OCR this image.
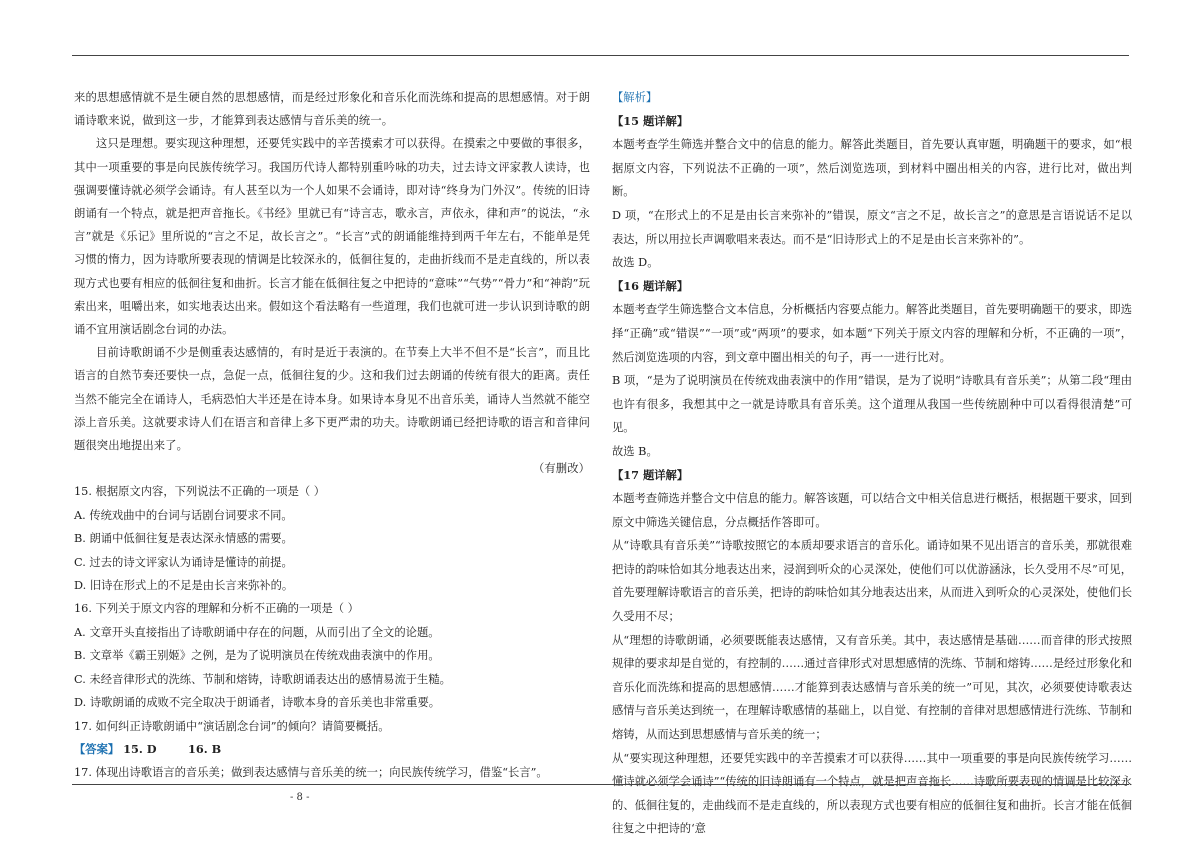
来的思想感情就不是生硬自然的思想感情，而是经过形象化和音乐化而洗练和提高的思想感情。对于朗诵诗歌来说，做到这一步，才能算到表达感情与音乐美的统一。

这只是理想。要实现这种理想，还要凭实践中的辛苦摸索才可以获得。在摸索之中要做的事很多，其中一项重要的事是向民族传统学习。我国历代诗人都特别重吟咏的功夫，过去诗文评家教人读诗，也强调要懂诗就必须学会诵诗。有人甚至以为一个人如果不会诵诗，即对诗“终身为门外汉”。传统的旧诗朗诵有一个特点，就是把声音拖长。《书经》里就已有“诗言志，歌永言，声依永，律和声”的说法，“永言”就是《乐记》里所说的“言之不足，故长言之”。“长言”式的朗诵能维持到两千年左右，不能单是凭习惯的惰力，因为诗歌所要表现的情调是比较深永的，低徊往复的，走曲折线而不是走直线的，所以表现方式也要有相应的低徊往复和曲折。长言才能在低徊往复之中把诗的“意味”“气势”“骨力”和“神韵”玩索出来，咀嚼出来，如实地表达出来。假如这个看法略有一些道理，我们也就可进一步认识到诗歌的朗诵不宜用演话剧念台词的办法。

目前诗歌朗诵不少是侧重表达感情的，有时是近于表演的。在节奏上大半不但不是“长言”，而且比语言的自然节奏还要快一点，急促一点，低徊往复的少。这和我们过去朗诵的传统有很大的距离。责任当然不能完全在诵诗人，毛病恐怕大半还是在诗本身。如果诗本身见不出音乐美，诵诗人当然就不能空添上音乐美。这就要求诗人们在语言和音律上多下更严肃的功夫。诗歌朗诵已经把诗歌的语言和音律问题很突出地提出来了。

（有删改）

15. 根据原文内容，下列说法不正确的一项是（ ）

A. 传统戏曲中的台词与话剧台词要求不同。

B. 朗诵中低徊往复是表达深永情感的需要。

C. 过去的诗文评家认为诵诗是懂诗的前提。

D. 旧诗在形式上的不足是由长言来弥补的。

16. 下列关于原文内容的理解和分析不正确的一项是（ ）

A. 文章开头直接指出了诗歌朗诵中存在的问题，从而引出了全文的论题。

B. 文章举《霸王别姬》之例，是为了说明演员在传统戏曲表演中的作用。

C. 未经音律形式的洗练、节制和熔铸，诗歌朗诵表达出的感情易流于生糙。

D. 诗歌朗诵的成败不完全取决于朗诵者，诗歌本身的音乐美也非常重要。

17. 如何纠正诗歌朗诵中“演话剧念台词”的倾向？请简要概括。

【答案】 15. D	16. B

17. 体现出诗歌语言的音乐美；做到表达感情与音乐美的统一；向民族传统学习，借鉴“长言”。

【解析】

【15 题详解】

本题考查学生筛选并整合文中的信息的能力。解答此类题目，首先要认真审题，明确题干的要求，如“根据原文内容，下列说法不正确的一项”，然后浏览选项，到材料中圈出相关的内容，进行比对，做出判断。

D 项，“在形式上的不足是由长言来弥补的”错误，原文“言之不足，故长言之”的意思是言语说话不足以表达，所以用拉长声调歌唱来表达。而不是“旧诗形式上的不足是由长言来弥补的”。

故选 D。

【16 题详解】

本题考查学生筛选整合文本信息，分析概括内容要点能力。解答此类题目，首先要明确题干的要求，即选择“正确”或“错误”“一项”或“两项”的要求，如本题“下列关于原文内容的理解和分析，不正确的一项”，然后浏览选项的内容，到文章中圈出相关的句子，再一一进行比对。

B 项，“是为了说明演员在传统戏曲表演中的作用”错误，是为了说明“诗歌具有音乐美”；从第二段“理由也许有很多，我想其中之一就是诗歌具有音乐美。这个道理从我国一些传统剧种中可以看得很清楚”可见。

故选 B。

【17 题详解】

本题考查筛选并整合文中信息的能力。解答该题，可以结合文中相关信息进行概括，根据题干要求，回到原文中筛选关键信息，分点概括作答即可。

从“诗歌具有音乐美”“诗歌按照它的本质却要求语言的音乐化。诵诗如果不见出语言的音乐美，那就很难把诗的韵味恰如其分地表达出来，浸润到听众的心灵深处，使他们可以优游涵泳，长久受用不尽”可见，首先要理解诗歌语言的音乐美，把诗的韵味恰如其分地表达出来，从而进入到听众的心灵深处，使他们长久受用不尽；

从“理想的诗歌朗诵，必须要既能表达感情，又有音乐美。其中，表达感情是基础……而音律的形式按照规律的要求却是自觉的，有控制的……通过音律形式对思想感情的洗练、节制和熔铸……是经过形象化和音乐化而洗练和提高的思想感情……才能算到表达感情与音乐美的统一”可见，其次，必须要使诗歌表达感情与音乐美达到统一，在理解诗歌感情的基础上，以自觉、有控制的音律对思想感情进行洗练、节制和熔铸，从而达到思想感情与音乐美的统一；

从“要实现这种理想，还要凭实践中的辛苦摸索才可以获得……其中一项重要的事是向民族传统学习……懂诗就必须学会诵诗”“传统的旧诗朗诵有一个特点，就是把声音拖长……诗歌所要表现的情调是比较深永的、低徊往复的，走曲线而不是走直线的，所以表现方式也要有相应的低徊往复和曲折。长言才能在低徊往复之中把诗的‘意

- 8 -
